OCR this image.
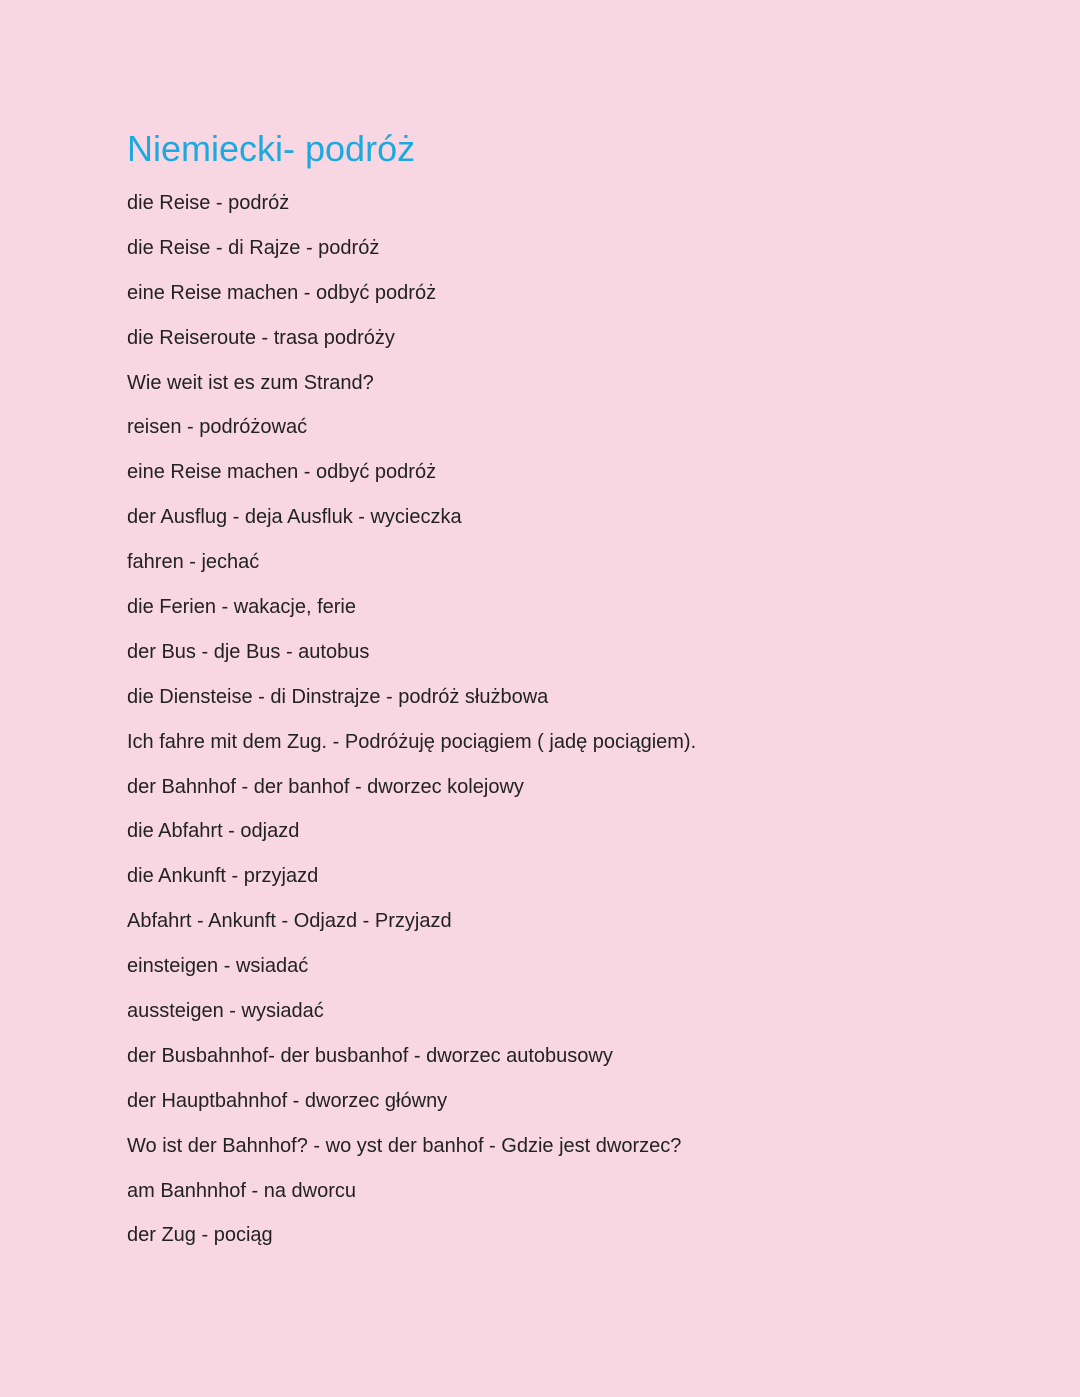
Niemiecki- podróż
die Reise - podróż
die Reise - di Rajze - podróż
eine Reise machen - odbyć podróż
die Reiseroute - trasa podróży
Wie weit ist es zum Strand?
reisen - podróżować
eine Reise machen - odbyć podróż
der Ausflug - deja Ausfluk - wycieczka
fahren - jechać
die Ferien - wakacje, ferie
der Bus - dje Bus - autobus
die Diensteise - di Dinstrajze - podróż służbowa
Ich fahre mit dem Zug. - Podróżuję pociągiem ( jadę pociągiem).
der Bahnhof - der banhof - dworzec kolejowy
die Abfahrt - odjazd
die Ankunft - przyjazd
Abfahrt - Ankunft - Odjazd - Przyjazd
einsteigen - wsiadać
aussteigen - wysiadać
der Busbahnhof- der busbanhof - dworzec autobusowy
der Hauptbahnhof - dworzec główny
Wo ist der Bahnhof? - wo yst der banhof - Gdzie jest dworzec?
am Banhnhof - na dworcu
der Zug - pociąg
